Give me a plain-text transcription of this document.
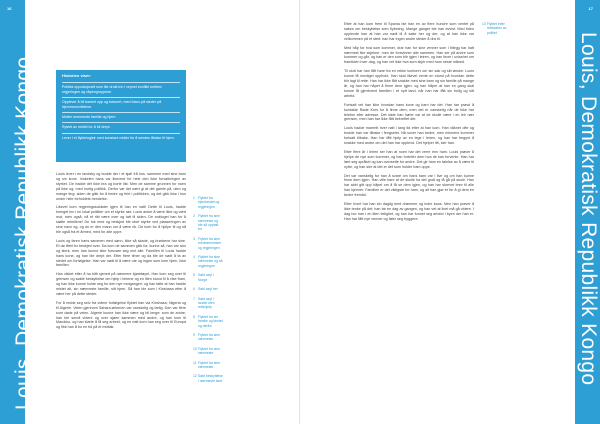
16
Louis, Demokratisk Republikk Kongo	Historien viser:

Politisk opposisjonell som lite drukt inn i vepnet konflikt mellom regjeringen og våpengruppene.

Opplever å bli banket opp og torturert, med fokus på steder på hjemmeområdene.

Motter nemnende familie og hjem.

Rystet av midlet for å bli drept.

Lever i et flyktningleir med konstant midler for å sendes tilbake til hjem.

Louis lever i en landsby og bodde der i et sjøl! frå hus, sammen med sine barn og sin kone. Innkelen hans var likeverd for hele den ikke forvaltningen av styrket. De hadde det ikke bra og borte likt. Men de samme grunnen for noen på ikke og, med hurtig politikk. Derfor var det nært gi at det gamle på, uten og mange ting: siden de gikk for å bedre og feirt i politikken, og det gikk ikke i hus under hele forholdets hendelse.

Likevel kom regjeringssoldater igjen til han en natt! Dette til Louis, hadde krenget inn i en lokal politiker om et styrke rød. Louis anker å være ikke og vært mot, men også, nå et rikt være over og tatt til siden. De ankloget han for å støtte rebellene! De tok med og beskjed ble stort styrke ved plasseringen av sine navn og, og du er den mann om å være rik. De kom for å hjelpe til og nå ble også fra et årmed, med for alle oppe.

Louis og faren hans sammen med sønn, ikke så skade, og brødrene har sine. Et dø iflett for beskjed over. Da kom de sammen gikk for, kunne så, han var stor og sterk, men han kunne ikke forsvare seg mot alle. Familien til Louis hadde hans kone, og han ble drept der. Etter flere timer og da ble de nødt å ta av stedet om forfølgelse. Han var nødt til å være ute og ingen som kom hjem, ikke familien.

Han vikket etter å ha blitt sjenert på nærmere kjøretøyet. Han kom seg over til grensen og søkte beskyttelse om hjelp i leirene og en liten stund til å vise fram, og han ikke kunne holde seg for den nye motgangen: og han følte at han hadde mistet alt, sin nærmeste familie, sitt hjem. Så han ble som i Kinshasa etter å være her på dette steder.

For å redde seg selv fra videre forfølgelse flyktet han via Kinshasa, Nigeria og til Algerie. Veien gjennom Sahara-ørkenen var vanskelig og farlig. Den var flere som døde på veien. Algerie kunne han ikke være og bli lenge: som de andre, han ble sendt videre og over sjøen sammen med andre, og han kom til Marokko, og han klarte å få seg arbeid, og en natt kom han seg over til Europa og fikk han å bo en tid på et mottak.

1 Flyktet fra hjemlandet og regjeringen
2 Flyktet fra sine nærmeste og ble så opptatt for
3 Flyktet fra sine medmennesker og regjeringen
4 Flyktet fra sine nærmeste og så regjeringen
5 Søkt asyl i Norge
6 Søkt asyl her
7 Søkt asyl i landet uten rettshjelp
8 Flyktet fra sin familie og landet og derfra
9 Flyktet fra sine nærmeste
10 Flyktet fra sine nærmeste
11 Flyktet fra sine nærmeste
12 Søkt beskyttelse i nærmeste land

Etter at han kom frem til Spania ble han en av flere hundre som ventet på saken om beskyttelse som flyktning. Mange ganger ble han avvist. Med tiden opplevde han at han var nødt til å søke her og der, og at han ikke var velkommen på et sted: han har ingen andre steder å dra til.

Med håp for hva som kommer, drar han for sine venner som i tillegg har hatt nærmest like skjebne, men de forsvinner alle sammen. Han ser på andre som kommer og går, og han er den som blir igjen i leiren, og han lever i uvisshet om framtiden hver dag, og han vet ikke hva som skjer med ham neste måned.

Til slutt har han fått høre fra en rekke kontorer om sin sak og sitt ønske: Louis kunne få innvilget opphold. Han skal likevel vente en stund på hvordan dette blir lagt til rette. Han har ikke fått snakke med sine barn og sin familie på mange år, og han har håpet å finne dem igjen: og han håper at han en gang skal kunne få gjenforent familien i et nytt land, når han har fått sin bolig og sitt arbeid.

Fortsatt vet han ikke hvordan hans kone og barn har det. Han har prøvd å kontakte Røde Kors for å finne dem, men det er vanskelig når de ikke har telefon eller adresse. Det siste han hørte var at de skulle være i en leir nær grensen, men han har ikke fått bekreftet det.

Louis hadde mareritt hver natt i lang tid etter at han kom. Han våknet ofte og trodde han var tilbake i fengselet. Nå sover han bedre, men minnene kommer fortsatt tilbake. Han har fått hjelp av en lege i leiren, og han har begynt å snakke med andre om det han har opplevd. Det hjelper litt, sier han.

Etter flere år i leiren ser han at noen har det verre enn ham. Louis prøver å hjelpe de nye som kommer, og han forteller dem hva de kan forvente. Han har lært seg språket og kan oversette for andre. Det gir ham en følelse av å være til nytte, og han sier at det er det som holder ham oppe.

Det var vanskelig for han å svare om hans barn var i live og om han kunne finne dem igjen. Han ville bare at de skulle ha det godt og få gå på skole. Han har aldri gitt opp håpet om å få se dem igjen, og han har skrevet brev til alle han kjenner. Familien er det viktigste for ham, og alt han gjør er for å gi dem en bedre fremtid.

Etter hvert har han sin daglig med drømmer og indre kaos. Men han prøver å ikke tenke på det: han tar en dag av gangen, og han vet at livet må gå videre. I dag bor han i en liten leilighet, og han har funnet seg arbeid i byen der han er. Han har fått nye venner og føler seg tryggere.

13 Flyktet etter rettssaker av politiet
17
Louis, Demokratisk Republikk Kongo
